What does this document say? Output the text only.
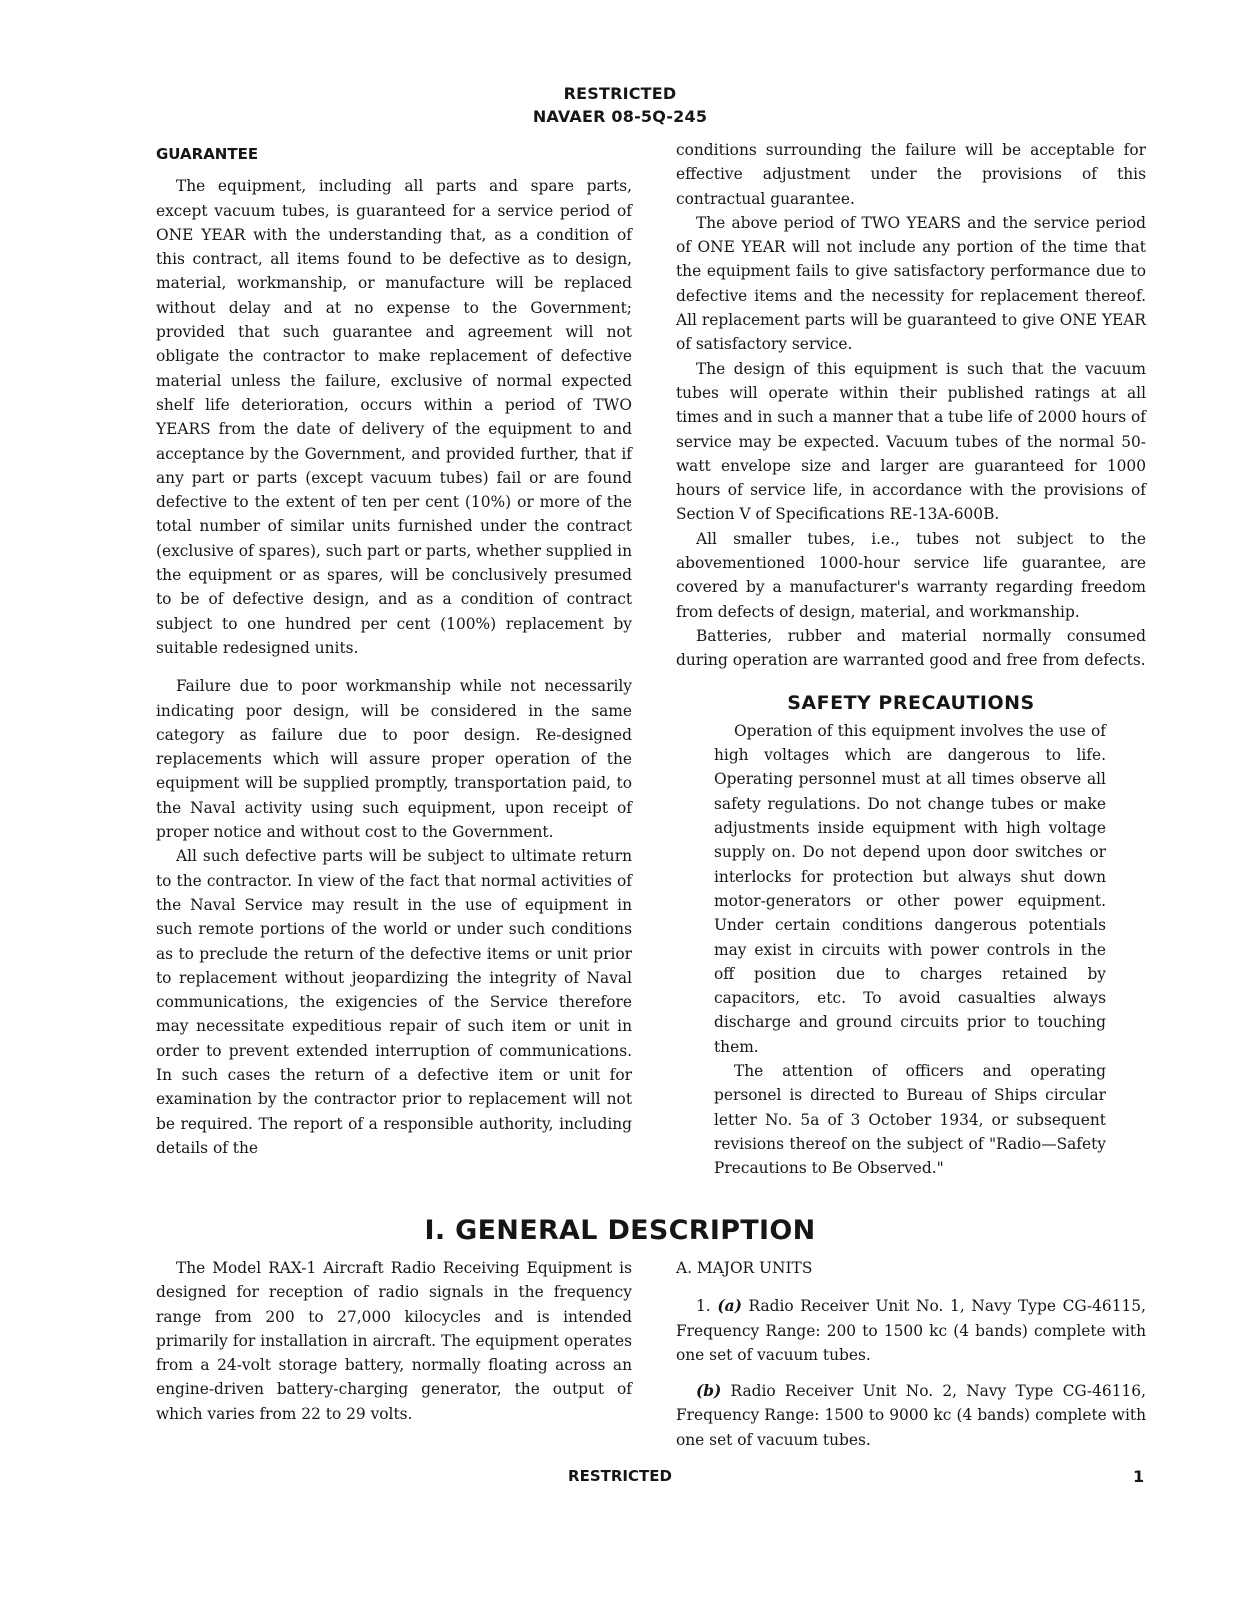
RESTRICTED
NAVAER 08-5Q-245
GUARANTEE

The equipment, including all parts and spare parts, except vacuum tubes, is guaranteed for a service period of ONE YEAR with the understanding that, as a condition of this contract, all items found to be defective as to design, material, workmanship, or manufacture will be replaced without delay and at no expense to the Government; provided that such guarantee and agreement will not obligate the contractor to make replacement of defective material unless the failure, exclusive of normal expected shelf life deterioration, occurs within a period of TWO YEARS from the date of delivery of the equipment to and acceptance by the Government, and provided further, that if any part or parts (except vacuum tubes) fail or are found defective to the extent of ten per cent (10%) or more of the total number of similar units furnished under the contract (exclusive of spares), such part or parts, whether supplied in the equipment or as spares, will be conclusively presumed to be of defective design, and as a condition of contract subject to one hundred per cent (100%) replacement by suitable redesigned units.

Failure due to poor workmanship while not necessarily indicating poor design, will be considered in the same category as failure due to poor design. Re-designed replacements which will assure proper operation of the equipment will be supplied promptly, transportation paid, to the Naval activity using such equipment, upon receipt of proper notice and without cost to the Government.

All such defective parts will be subject to ultimate return to the contractor. In view of the fact that normal activities of the Naval Service may result in the use of equipment in such remote portions of the world or under such conditions as to preclude the return of the defective items or unit prior to replacement without jeopardizing the integrity of Naval communications, the exigencies of the Service therefore may necessitate expeditious repair of such item or unit in order to prevent extended interruption of communications. In such cases the return of a defective item or unit for examination by the contractor prior to replacement will not be required. The report of a responsible authority, including details of the

conditions surrounding the failure will be acceptable for effective adjustment under the provisions of this contractual guarantee.

The above period of TWO YEARS and the service period of ONE YEAR will not include any portion of the time that the equipment fails to give satisfactory performance due to defective items and the necessity for replacement thereof. All replacement parts will be guaranteed to give ONE YEAR of satisfactory service.

The design of this equipment is such that the vacuum tubes will operate within their published ratings at all times and in such a manner that a tube life of 2000 hours of service may be expected. Vacuum tubes of the normal 50-watt envelope size and larger are guaranteed for 1000 hours of service life, in accordance with the provisions of Section V of Specifications RE-13A-600B.

All smaller tubes, i.e., tubes not subject to the abovementioned 1000-hour service life guarantee, are covered by a manufacturer's warranty regarding freedom from defects of design, material, and workmanship.

Batteries, rubber and material normally consumed during operation are warranted good and free from defects.

SAFETY PRECAUTIONS

Operation of this equipment involves the use of high voltages which are dangerous to life. Operating personnel must at all times observe all safety regulations. Do not change tubes or make adjustments inside equipment with high voltage supply on. Do not depend upon door switches or interlocks for protection but always shut down motor-generators or other power equipment. Under certain conditions dangerous potentials may exist in circuits with power controls in the off position due to charges retained by capacitors, etc. To avoid casualties always discharge and ground circuits prior to touching them.

The attention of officers and operating personel is directed to Bureau of Ships circular letter No. 5a of 3 October 1934, or subsequent revisions thereof on the subject of "Radio—Safety Precautions to Be Observed."

I. GENERAL DESCRIPTION

The Model RAX-1 Aircraft Radio Receiving Equipment is designed for reception of radio signals in the frequency range from 200 to 27,000 kilocycles and is intended primarily for installation in aircraft. The equipment operates from a 24-volt storage battery, normally floating across an engine-driven battery-charging generator, the output of which varies from 22 to 29 volts.

A. MAJOR UNITS

1. (a) Radio Receiver Unit No. 1, Navy Type CG-46115, Frequency Range: 200 to 1500 kc (4 bands) complete with one set of vacuum tubes.

(b) Radio Receiver Unit No. 2, Navy Type CG-46116, Frequency Range: 1500 to 9000 kc (4 bands) complete with one set of vacuum tubes.

RESTRICTED	1
